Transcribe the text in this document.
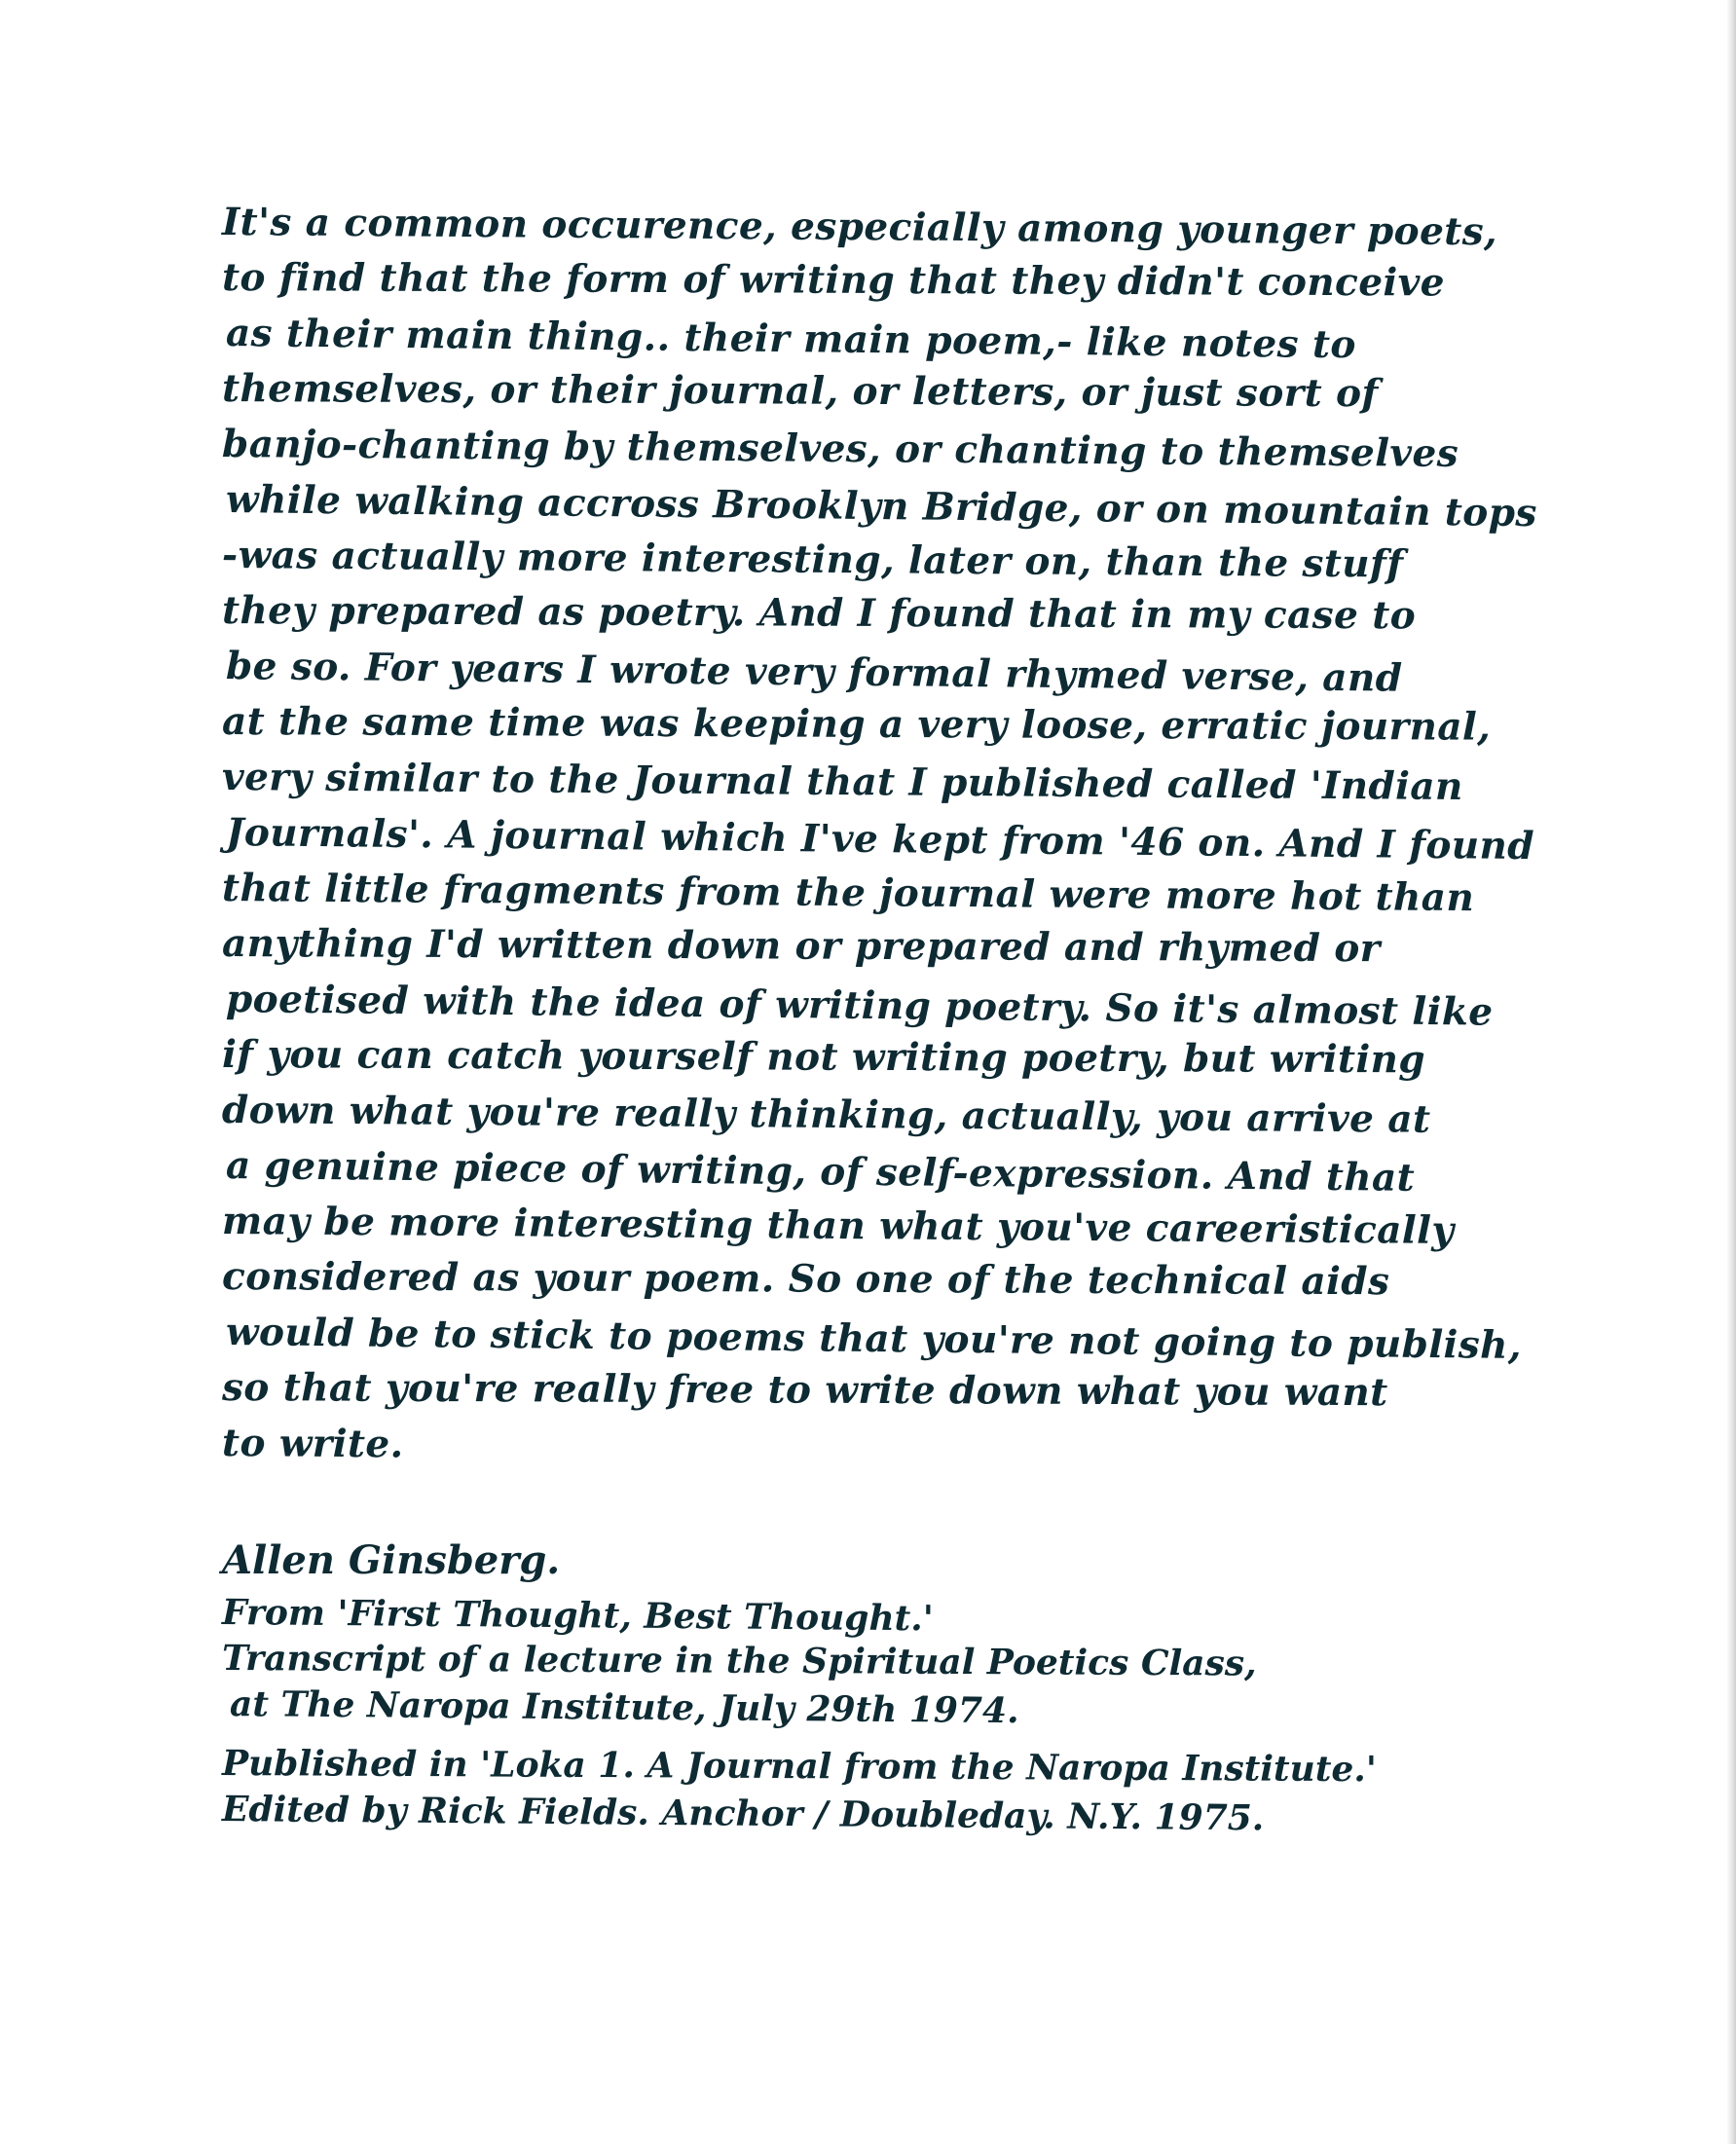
It's a common occurence, especially among younger poets,
to find that the form of writing that they didn't conceive
as their main thing.. their main poem,- like notes to
themselves, or their journal, or letters, or just sort of
banjo-chanting by themselves, or chanting to themselves
while walking accross Brooklyn Bridge, or on mountain tops
-was actually more interesting, later on, than the stuff
they prepared as poetry. And I found that in my case to
be so. For years I wrote very formal rhymed verse, and
at the same time was keeping a very loose, erratic journal,
very similar to the Journal that I published called 'Indian
Journals'. A journal which I've kept from '46 on. And I found
that little fragments from the journal were more hot than
anything I'd written down or prepared and rhymed or
poetised with the idea of writing poetry. So it's almost like
if you can catch yourself not writing poetry, but writing
down what you're really thinking, actually, you arrive at
a genuine piece of writing, of self-expression. And that
may be more interesting than what you've careeristically
considered as your poem. So one of the technical aids
would be to stick to poems that you're not going to publish,
so that you're really free to write down what you want
to write.
Allen Ginsberg.
From 'First Thought, Best Thought.'
Transcript of a lecture in the Spiritual Poetics Class,
at The Naropa Institute, July 29th 1974.
Published in 'Loka 1. A Journal from the Naropa Institute.'
Edited by Rick Fields. Anchor / Doubleday. N.Y. 1975.
